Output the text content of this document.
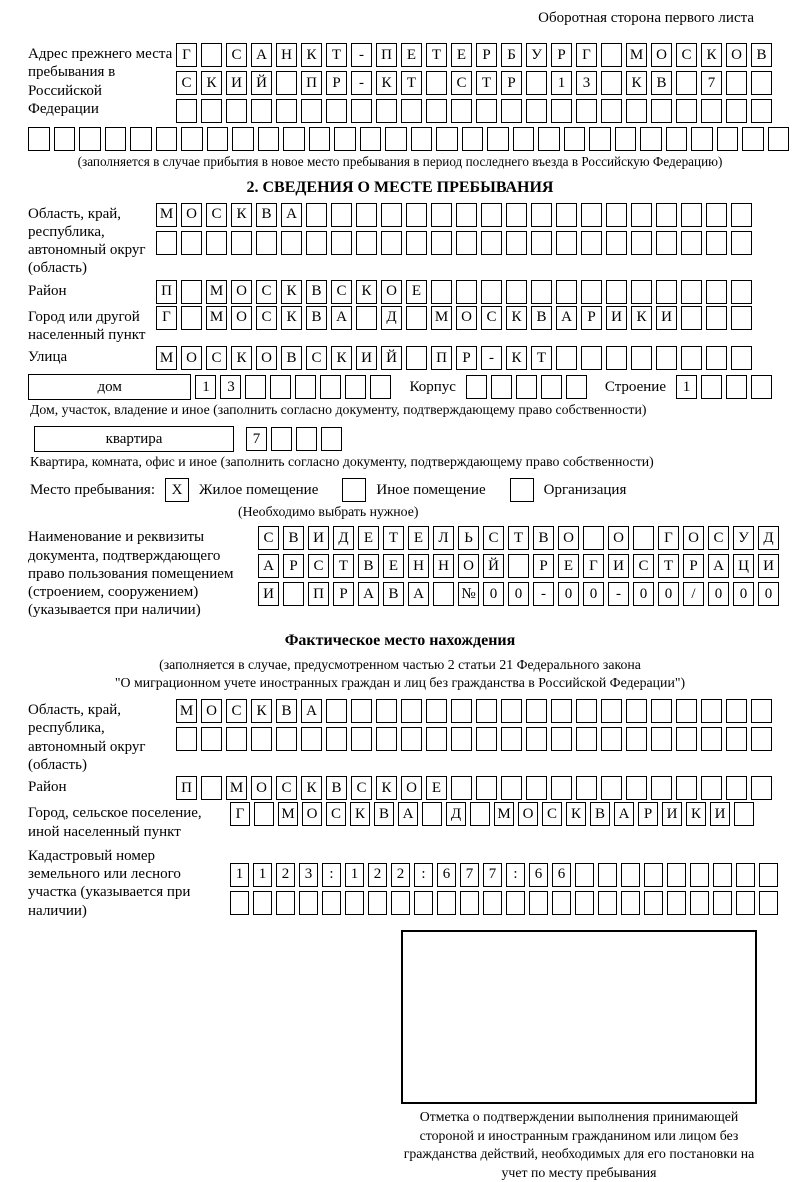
Оборотная сторона первого листа
Адрес прежнего места пребывания в Российской Федерации
Г	С А Н К	Т	-	П Е	Т	Е	Р	Б	У	Р	Г	М О С К О В
С К И Й	П	Р	-	К	Т	С	Т	Р	1	3	К В	7
(заполняется в случае прибытия в новое место пребывания в период последнего въезда в Российскую Федерацию)
2. СВЕДЕНИЯ О МЕСТЕ ПРЕБЫВАНИЯ
Область, край, республика, автономный округ (область)
М О С К В А
Район	П	М О С К В С К О Е
Город или другой населенный пункт
Г	М О С К В А	Д	М О С К В А	Р	И К И
Улица	М О С К О В С К И Й	П	Р	-	К	Т
дом	1	3	Корпус	Строение	1
Дом, участок, владение и иное (заполнить согласно документу, подтверждающему право собственности)
квартира	7
Квартира, комната, офис и иное (заполнить согласно документу, подтверждающему право собственности)
Место пребывания:	X	Жилое помещение	Иное помещение	Организация
(Необходимо выбрать нужное)
Наименование и реквизиты документа, подтверждающего право пользования помещением (строением, сооружением) (указывается при наличии)
С В И Д	Е	Т	Е	Л	Ь	С	Т	В О	О	Г	О С У Д
А	Р	С	Т	В	Е	Н Н О Й	Р	Е	Г	И С	Т	Р	А Ц И
И	П	Р	А В А	№ 0	0	-	0	0	-	0	0	/	0	0	0
Фактическое место нахождения
(заполняется в случае, предусмотренном частью 2 статьи 21 Федерального закона
"О миграционном учете иностранных граждан и лиц без гражданства в Российской Федерации")
Область, край, республика, автономный округ (область)
М О С К В А
Район	П	М О С К В С К О Е
Город, сельское поселение, иной населенный пункт
Г	М О С К В А	Д	М О С К В А Р И К И
Кадастровый номер земельного или лесного участка (указывается при наличии)
1	1	2	3	:	1	2	2	:	6	7	7	:	6	6
Отметка о подтверждении выполнения принимающей стороной и иностранным гражданином или лицом без гражданства действий, необходимых для его постановки на учет по месту пребывания
